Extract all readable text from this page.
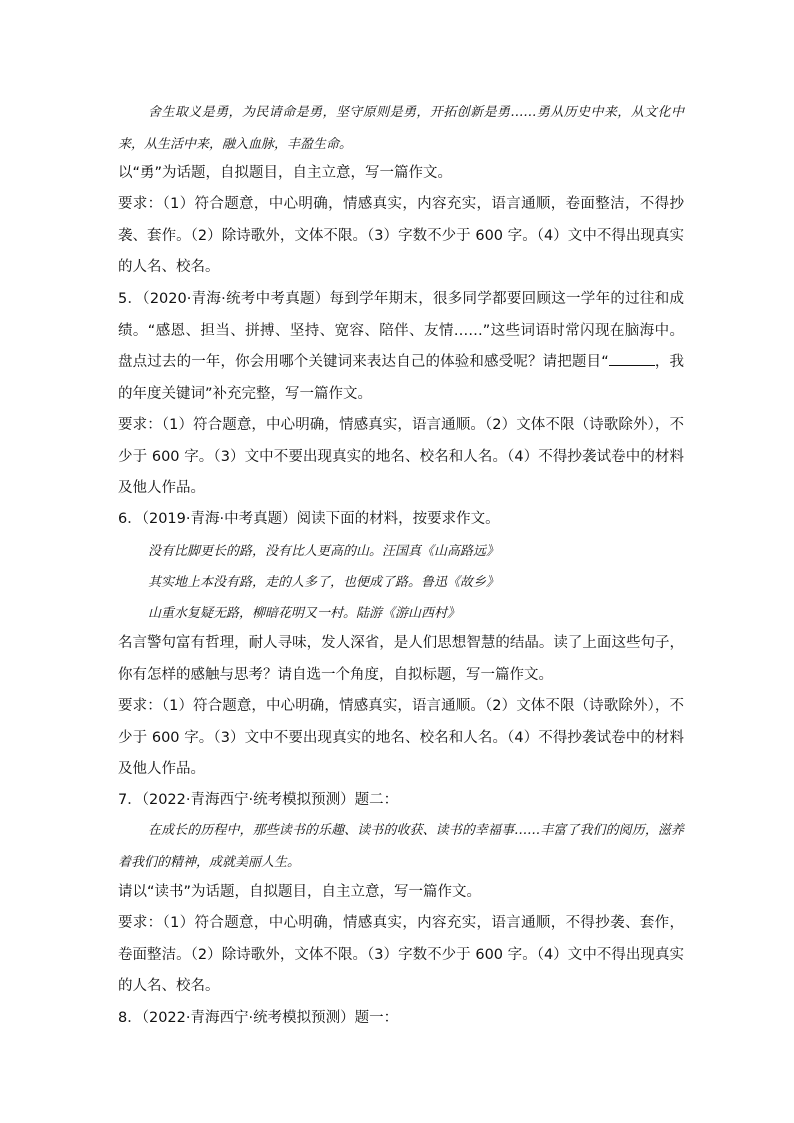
舍生取义是勇，为民请命是勇，坚守原则是勇，开拓创新是勇……勇从历史中来，从文化中来，从生活中来，融入血脉，丰盈生命。

以“勇”为话题，自拟题目，自主立意，写一篇作文。

要求：（1）符合题意，中心明确，情感真实，内容充实，语言通顺，卷面整洁，不得抄袭、套作。（2）除诗歌外，文体不限。（3）字数不少于 600 字。（4）文中不得出现真实的人名、校名。

5．（2020·青海·统考中考真题）每到学年期末，很多同学都要回顾这一学年的过往和成绩。“感恩、担当、拼搏、坚持、宽容、陪伴、友情……”这些词语时常闪现在脑海中。盘点过去的一年，你会用哪个关键词来表达自己的体验和感受呢？请把题目“	，我的年度关键词”补充完整，写一篇作文。

要求：（1）符合题意，中心明确，情感真实，语言通顺。（2）文体不限（诗歌除外），不少于 600 字。（3）文中不要出现真实的地名、校名和人名。（4）不得抄袭试卷中的材料及他人作品。

6．（2019·青海·中考真题）阅读下面的材料，按要求作文。

没有比脚更长的路，没有比人更高的山。汪国真《山高路远》

其实地上本没有路，走的人多了，也便成了路。鲁迅《故乡》

山重水复疑无路，柳暗花明又一村。陆游《游山西村》

名言警句富有哲理，耐人寻味，发人深省，是人们思想智慧的结晶。读了上面这些句子，你有怎样的感触与思考？请自选一个角度，自拟标题，写一篇作文。

要求：（1）符合题意，中心明确，情感真实，语言通顺。（2）文体不限（诗歌除外），不少于 600 字。（3）文中不要出现真实的地名、校名和人名。（4）不得抄袭试卷中的材料及他人作品。

7．（2022·青海西宁·统考模拟预测）题二：

在成长的历程中，那些读书的乐趣、读书的收获、读书的幸福事……丰富了我们的阅历，滋养着我们的精神，成就美丽人生。

请以“读书”为话题，自拟题目，自主立意，写一篇作文。

要求：（1）符合题意，中心明确，情感真实，内容充实，语言通顺，不得抄袭、套作，卷面整洁。（2）除诗歌外，文体不限。（3）字数不少于 600 字。（4）文中不得出现真实的人名、校名。

8．（2022·青海西宁·统考模拟预测）题一：
